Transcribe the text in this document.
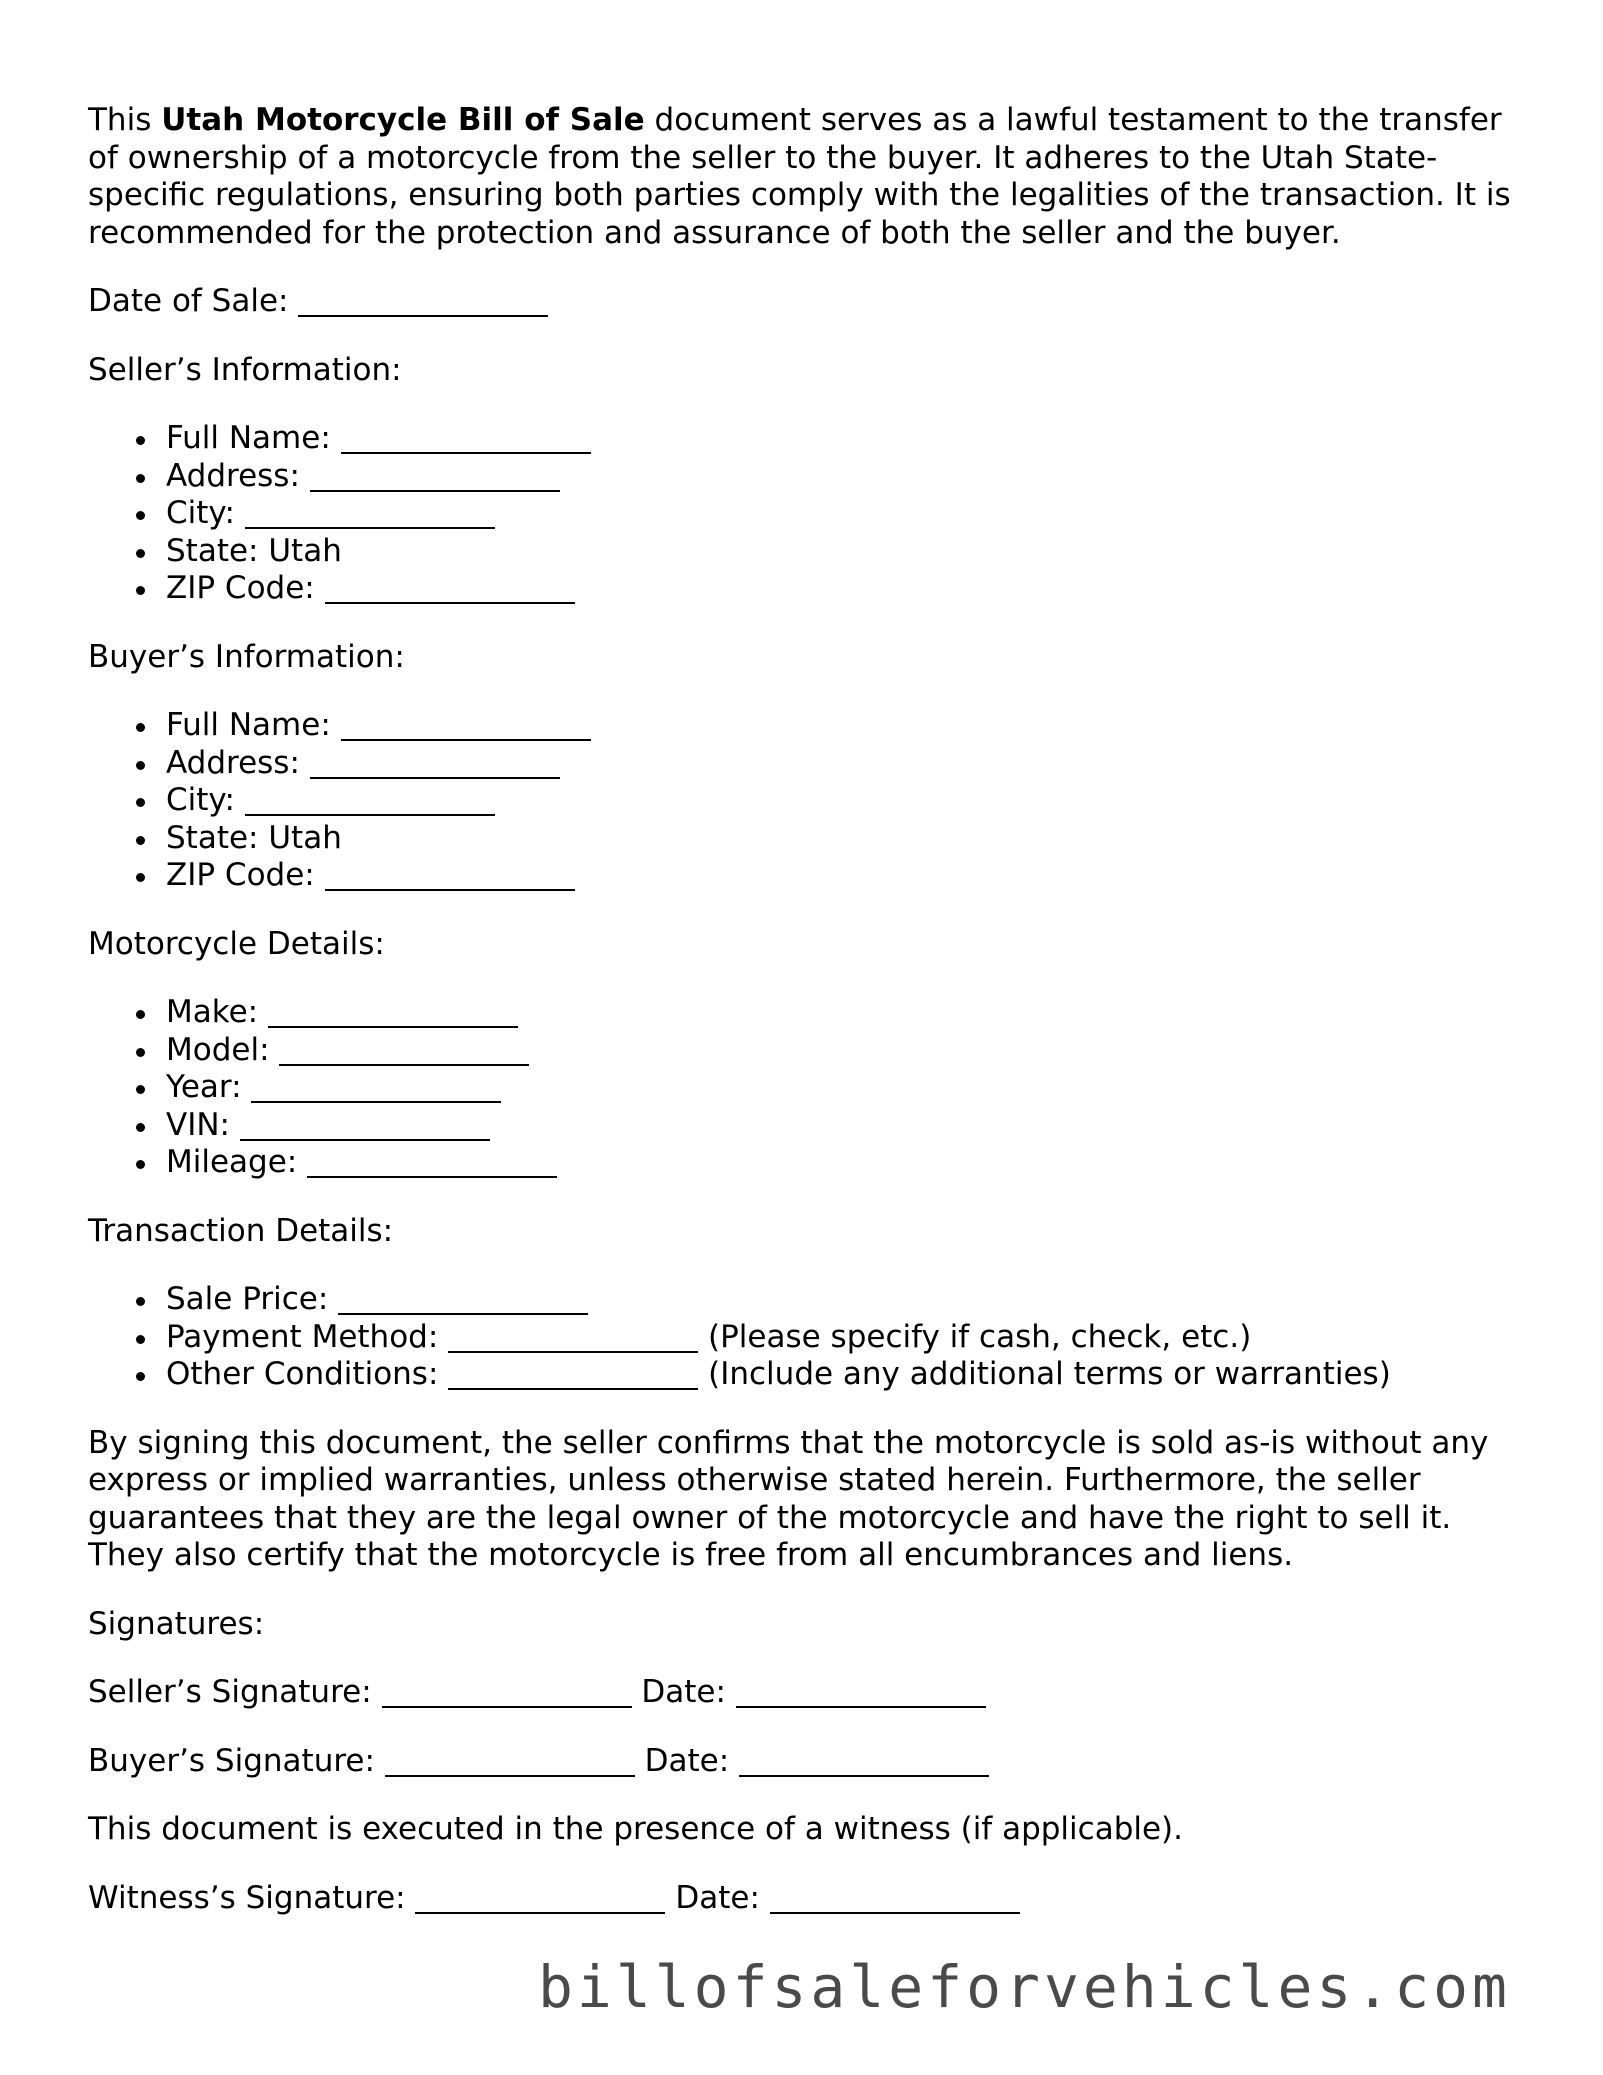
This Utah Motorcycle Bill of Sale document serves as a lawful testament to the transfer of ownership of a motorcycle from the seller to the buyer. It adheres to the Utah State-specific regulations, ensuring both parties comply with the legalities of the transaction. It is recommended for the protection and assurance of both the seller and the buyer.

Date of Sale:

Seller’s Information:

Full Name:
Address:
City:
State: Utah
ZIP Code:

Buyer’s Information:

Full Name:
Address:
City:
State: Utah
ZIP Code:

Motorcycle Details:

Make:
Model:
Year:
VIN:
Mileage:

Transaction Details:

Sale Price:
Payment Method:	(Please specify if cash, check, etc.)
Other Conditions:	(Include any additional terms or warranties)

By signing this document, the seller confirms that the motorcycle is sold as-is without any express or implied warranties, unless otherwise stated herein. Furthermore, the seller guarantees that they are the legal owner of the motorcycle and have the right to sell it. They also certify that the motorcycle is free from all encumbrances and liens.

Signatures:

Seller’s Signature:	Date:

Buyer’s Signature:	Date:

This document is executed in the presence of a witness (if applicable).

Witness’s Signature:	Date:

billofsaleforvehicles.com
